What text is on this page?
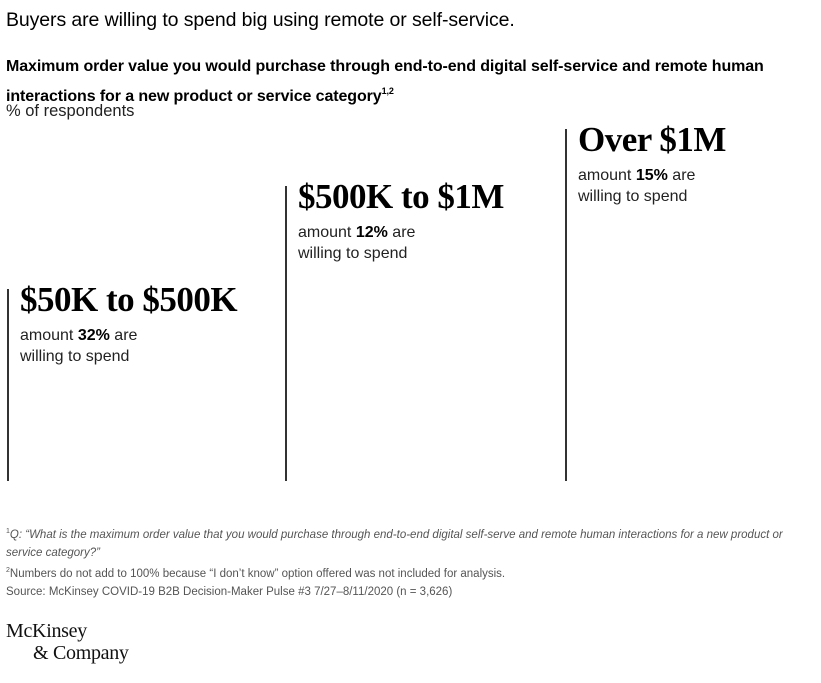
Buyers are willing to spend big using remote or self-service.
Maximum order value you would purchase through end-to-end digital self-service and remote human interactions for a new product or service category$^{1,2}$
% of respondents
$50K to $500K
amount 32% are
willing to spend
$500K to $1M
amount 12% are
willing to spend
Over $1M
amount 15% are
willing to spend
$^1$Q: “What is the maximum order value that you would purchase through end-to-end digital self-serve and remote human interactions for a new product or service category?”
$^2$Numbers do not add to 100% because “I don’t know” option offered was not included for analysis.
Source: McKinsey COVID-19 B2B Decision-Maker Pulse #3 7/27–8/11/2020 (n = 3,626)
McKinsey
& Company
